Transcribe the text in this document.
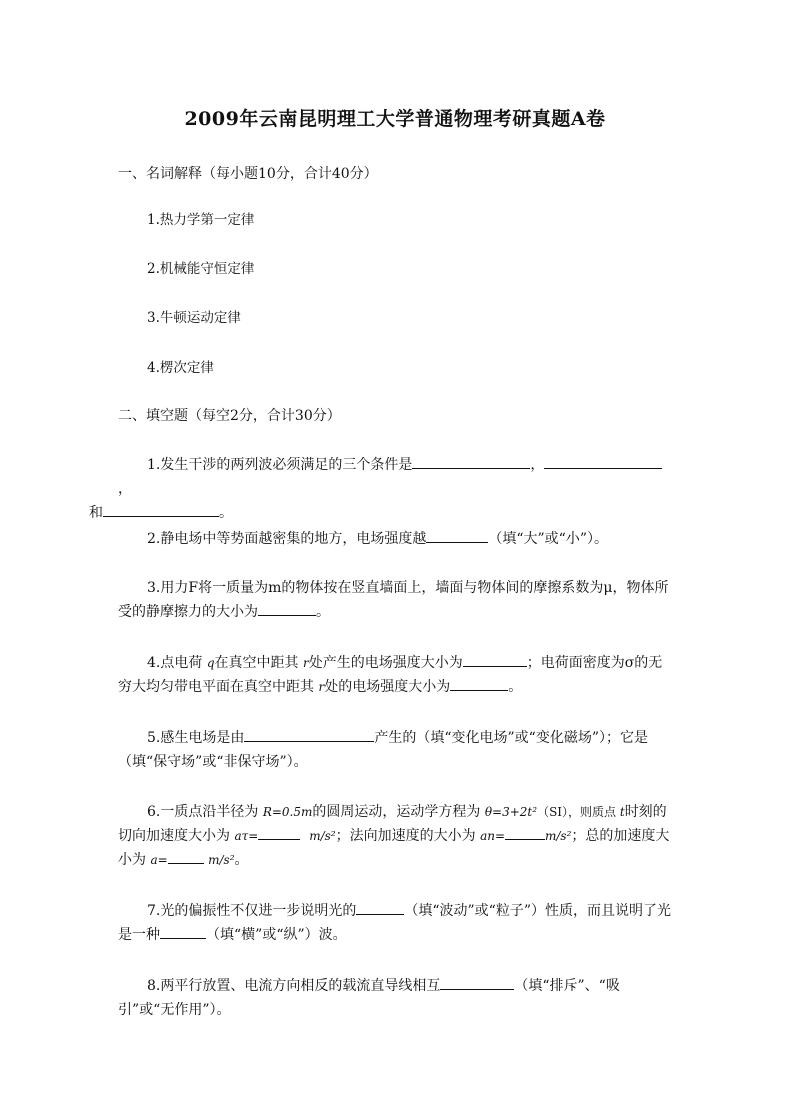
2009年云南昆明理工大学普通物理考研真题A卷
一、名词解释（每小题10分，合计40分）
1.热力学第一定律
2.机械能守恒定律
3.牛顿运动定律
4.楞次定律
二、填空题（每空2分，合计30分）
1.发生干涉的两列波必须满足的三个条件是	，，
和	。
2.静电场中等势面越密集的地方，电场强度越	（填“大”或“小”）。
3.用力F将一质量为m的物体按在竖直墙面上，墙面与物体间的摩擦系数为μ，物体所受的静摩擦力的大小为	。
4.点电荷 q在真空中距其 r处产生的电场强度大小为	；电荷面密度为σ的无穷大均匀带电平面在真空中距其 r处的电场强度大小为	。
5.感生电场是由	产生的（填“变化电场”或“变化磁场”）；它是（填“保守场”或“非保守场”）。
6.一质点沿半径为 R=0.5m的圆周运动，运动学方程为 θ=3+2t²（SI），则质点 t时刻的切向加速度大小为 aτ=	m/s²；法向加速度的大小为 an=	m/s²；总的加速度大小为 a=	m/s²。
7.光的偏振性不仅进一步说明光的	（填“波动”或“粒子”）性质，而且说明了光是一种	（填“横”或“纵”）波。
8.两平行放置、电流方向相反的载流直导线相互	（填“排斥”、“吸引”或“无作用”）。
